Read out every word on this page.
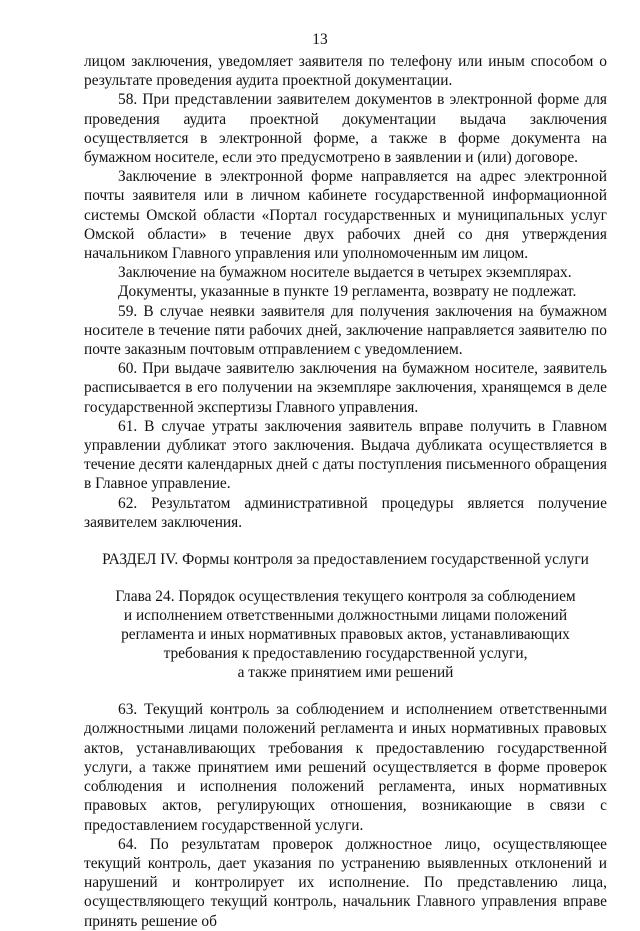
13

лицом заключения, уведомляет заявителя по телефону или иным способом о результате проведения аудита проектной документации.

58. При представлении заявителем документов в электронной форме для проведения аудита проектной документации выдача заключения осуществляется в электронной форме, а также в форме документа на бумажном носителе, если это предусмотрено в заявлении и (или) договоре.

Заключение в электронной форме направляется на адрес электронной почты заявителя или в личном кабинете государственной информационной системы Омской области «Портал государственных и муниципальных услуг Омской области» в течение двух рабочих дней со дня утверждения начальником Главного управления или уполномоченным им лицом.

Заключение на бумажном носителе выдается в четырех экземплярах.

Документы, указанные в пункте 19 регламента, возврату не подлежат.

59. В случае неявки заявителя для получения заключения на бумажном носителе в течение пяти рабочих дней, заключение направляется заявителю по почте заказным почтовым отправлением с уведомлением.

60. При выдаче заявителю заключения на бумажном носителе, заявитель расписывается в его получении на экземпляре заключения, хранящемся в деле государственной экспертизы Главного управления.

61. В случае утраты заключения заявитель вправе получить в Главном управлении дубликат этого заключения. Выдача дубликата осуществляется в течение десяти календарных дней с даты поступления письменного обращения в Главное управление.

62. Результатом административной процедуры является получение заявителем заключения.

РАЗДЕЛ IV. Формы контроля за предоставлением государственной услуги

Глава 24. Порядок осуществления текущего контроля за соблюдением
и исполнением ответственными должностными лицами положений
регламента и иных нормативных правовых актов, устанавливающих
требования к предоставлению государственной услуги,
а также принятием ими решений

63. Текущий контроль за соблюдением и исполнением ответственными должностными лицами положений регламента и иных нормативных правовых актов, устанавливающих требования к предоставлению государственной услуги, а также принятием ими решений осуществляется в форме проверок соблюдения и исполнения положений регламента, иных нормативных правовых актов, регулирующих отношения, возникающие в связи с предоставлением государственной услуги.

64. По результатам проверок должностное лицо, осуществляющее текущий контроль, дает указания по устранению выявленных отклонений и нарушений и контролирует их исполнение. По представлению лица, осуществляющего текущий контроль, начальник Главного управления вправе принять решение об
